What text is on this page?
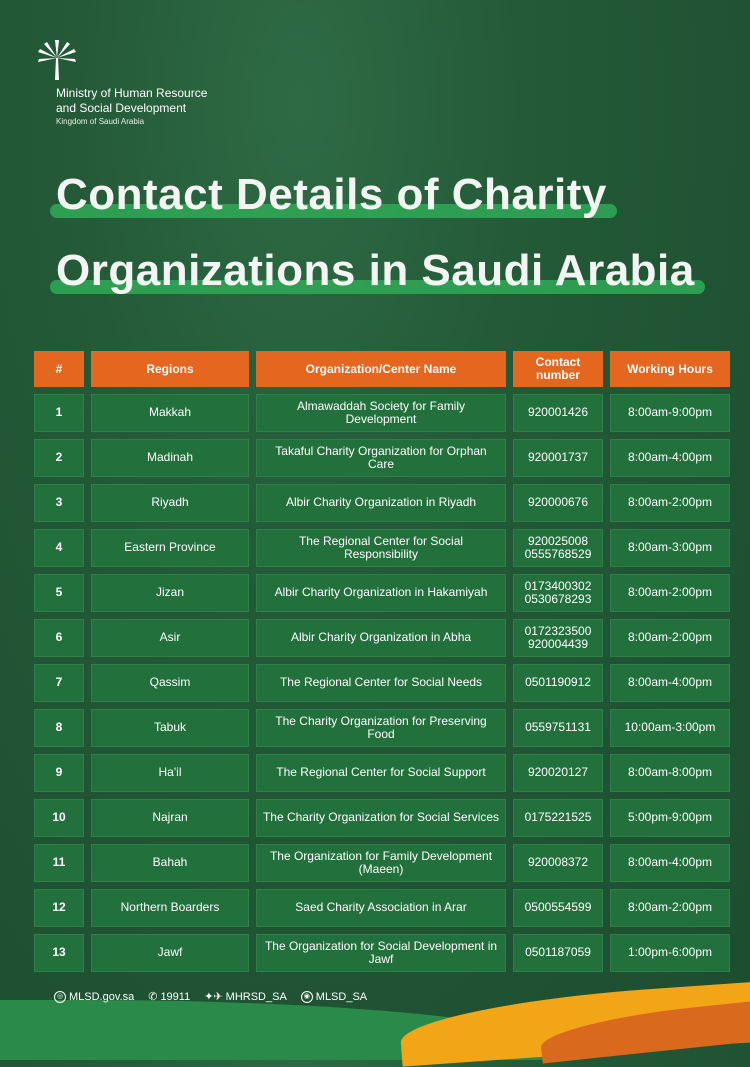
Ministry of Human Resource
and Social Development
Kingdom of Saudi Arabia
Contact Details of Charity
Organizations in Saudi Arabia
#	Regions	Organization/Center Name	Contact number	Working Hours
1	Makkah	Almawaddah Society for Family Development	920001426	8:00am-9:00pm
2	Madinah	Takaful Charity Organization for Orphan Care	920001737	8:00am-4:00pm
3	Riyadh	Albir Charity Organization in Riyadh	920000676	8:00am-2:00pm
4	Eastern Province	The Regional Center for Social Responsibility	920025008 0555768529	8:00am-3:00pm
5	Jizan	Albir Charity Organization in Hakamiyah	0173400302 0530678293	8:00am-2:00pm
6	Asir	Albir Charity Organization in Abha	0172323500 920004439	8:00am-2:00pm
7	Qassim	The Regional Center for Social Needs	0501190912	8:00am-4:00pm
8	Tabuk	The Charity Organization for Preserving Food	0559751131	10:00am-3:00pm
9	Ha'il	The Regional Center for Social Support	920020127	8:00am-8:00pm
10	Najran	The Charity Organization for Social Services	0175221525	5:00pm-9:00pm
11	Bahah	The Organization for Family Development (Maeen)	920008372	8:00am-4:00pm
12	Northern Boarders	Saed Charity Association in Arar	0500554599	8:00am-2:00pm
13	Jawf	The Organization for Social Development in Jawf	0501187059	1:00pm-6:00pm
◎ MLSD.gov.sa ✆ 19911 ✦✈ MHRSD_SA	◉ MLSD_SA
